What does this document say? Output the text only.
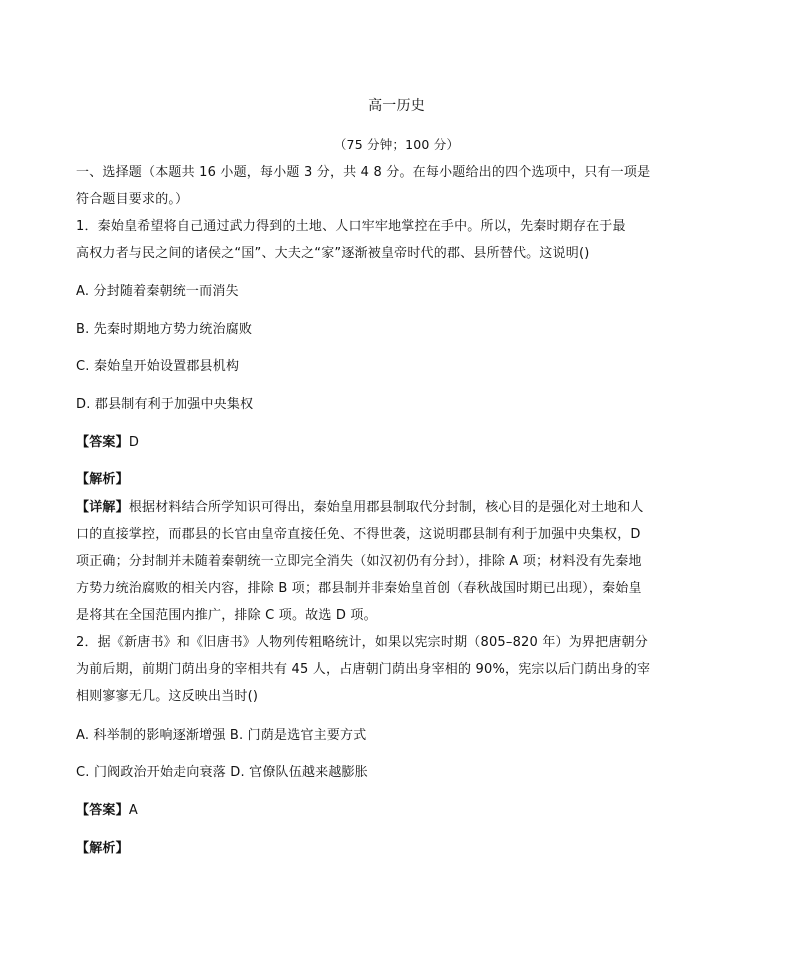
高一历史
（75 分钟；100 分）
一、选择题（本题共 16 小题，每小题 3 分，共 4 8 分。在每小题给出的四个选项中，只有一项是
符合题目要求的。）
1．秦始皇希望将自己通过武力得到的土地、人口牢牢地掌控在手中。所以，先秦时期存在于最
高权力者与民之间的诸侯之“国”、大夫之“家”逐渐被皇帝时代的郡、县所替代。这说明()
A. 分封随着秦朝统一而消失
B. 先秦时期地方势力统治腐败
C. 秦始皇开始设置郡县机构
D. 郡县制有利于加强中央集权
【答案】D
【解析】
【详解】根据材料结合所学知识可得出，秦始皇用郡县制取代分封制，核心目的是强化对土地和人
口的直接掌控，而郡县的长官由皇帝直接任免、不得世袭，这说明郡县制有利于加强中央集权，D
项正确；分封制并未随着秦朝统一立即完全消失（如汉初仍有分封），排除 A 项；材料没有先秦地
方势力统治腐败的相关内容，排除 B 项；郡县制并非秦始皇首创（春秋战国时期已出现），秦始皇
是将其在全国范围内推广，排除 C 项。故选 D 项。
2．据《新唐书》和《旧唐书》人物列传粗略统计，如果以宪宗时期（805–820 年）为界把唐朝分
为前后期，前期门荫出身的宰相共有 45 人，占唐朝门荫出身宰相的 90%，宪宗以后门荫出身的宰
相则寥寥无几。这反映出当时()
A. 科举制的影响逐渐增强 B. 门荫是选官主要方式
C. 门阀政治开始走向衰落 D. 官僚队伍越来越膨胀
【答案】A
【解析】
